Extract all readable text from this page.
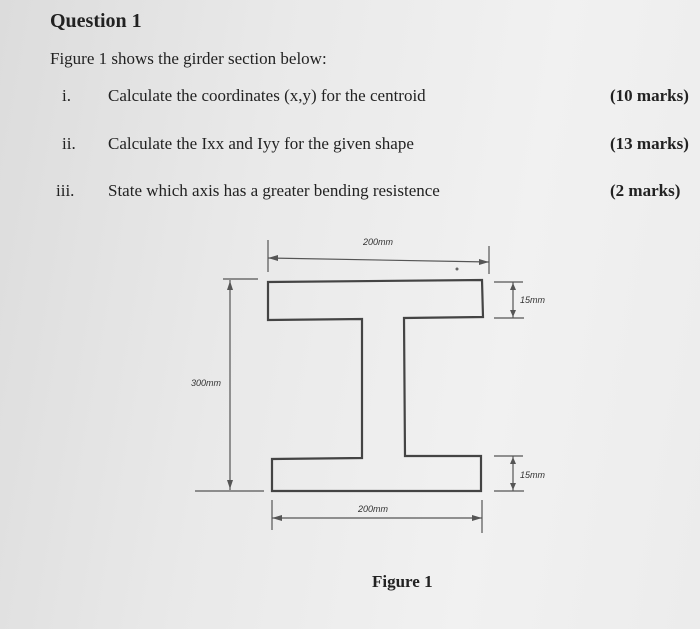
Question 1
Figure 1 shows the girder section below:
i. Calculate the coordinates (x,y) for the centroid	(10 marks)
ii. Calculate the Ixx and Iyy for the given shape	(13 marks)
iii. State which axis has a greater bending resistence	(2 marks)
200mm
15mm
300mm
15mm
200mm
Figure 1
